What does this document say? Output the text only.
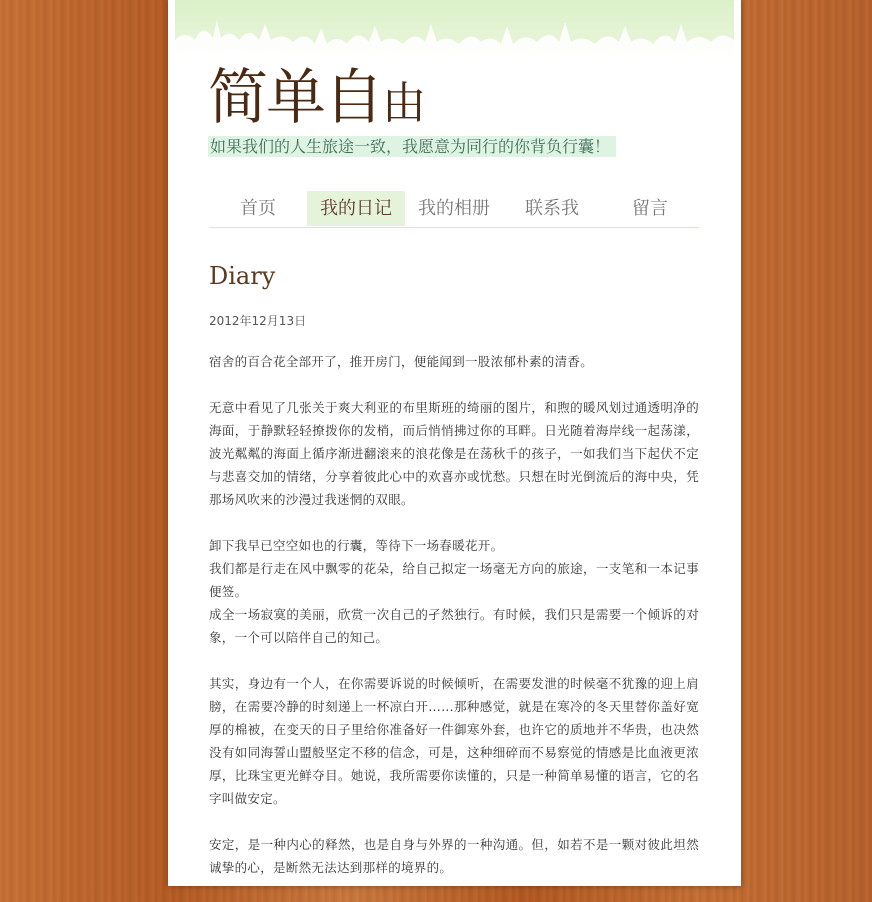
简单自由
如果我们的人生旅途一致，我愿意为同行的你背负行囊！
首页	我的日记	我的相册	联系我	留言
Diary
2012年12月13日

宿舍的百合花全部开了，推开房门，便能闻到一股浓郁朴素的清香。

无意中看见了几张关于爽大利亚的布里斯班的绮丽的图片，和煦的暖风划过通透明净的海面，于静默轻轻撩拨你的发梢，而后悄悄拂过你的耳畔。日光随着海岸线一起荡漾，波光粼粼的海面上循序渐进翻滚来的浪花像是在荡秋千的孩子，一如我们当下起伏不定与悲喜交加的情绪，分享着彼此心中的欢喜亦或忧愁。只想在时光倒流后的海中央，凭那场风吹来的沙漫过我迷惘的双眼。

卸下我早已空空如也的行囊，等待下一场春暖花开。
我们都是行走在风中飘零的花朵，给自己拟定一场毫无方向的旅途，一支笔和一本记事便签。
成全一场寂寞的美丽，欣赏一次自己的孑然独行。有时候，我们只是需要一个倾诉的对象，一个可以陪伴自己的知己。

其实，身边有一个人，在你需要诉说的时候倾听，在需要发泄的时候毫不犹豫的迎上肩膀，在需要冷静的时刻递上一杯凉白开……那种感觉，就是在寒冷的冬天里替你盖好宽厚的棉被，在变天的日子里给你准备好一件御寒外套，也许它的质地并不华贵，也决然没有如同海誓山盟般坚定不移的信念，可是，这种细碎而不易察觉的情感是比血液更浓厚，比珠宝更光鲜夺目。她说，我所需要你读懂的，只是一种简单易懂的语言，它的名字叫做安定。

安定，是一种内心的释然，也是自身与外界的一种沟通。但，如若不是一颗对彼此坦然诚挚的心，是断然无法达到那样的境界的。
